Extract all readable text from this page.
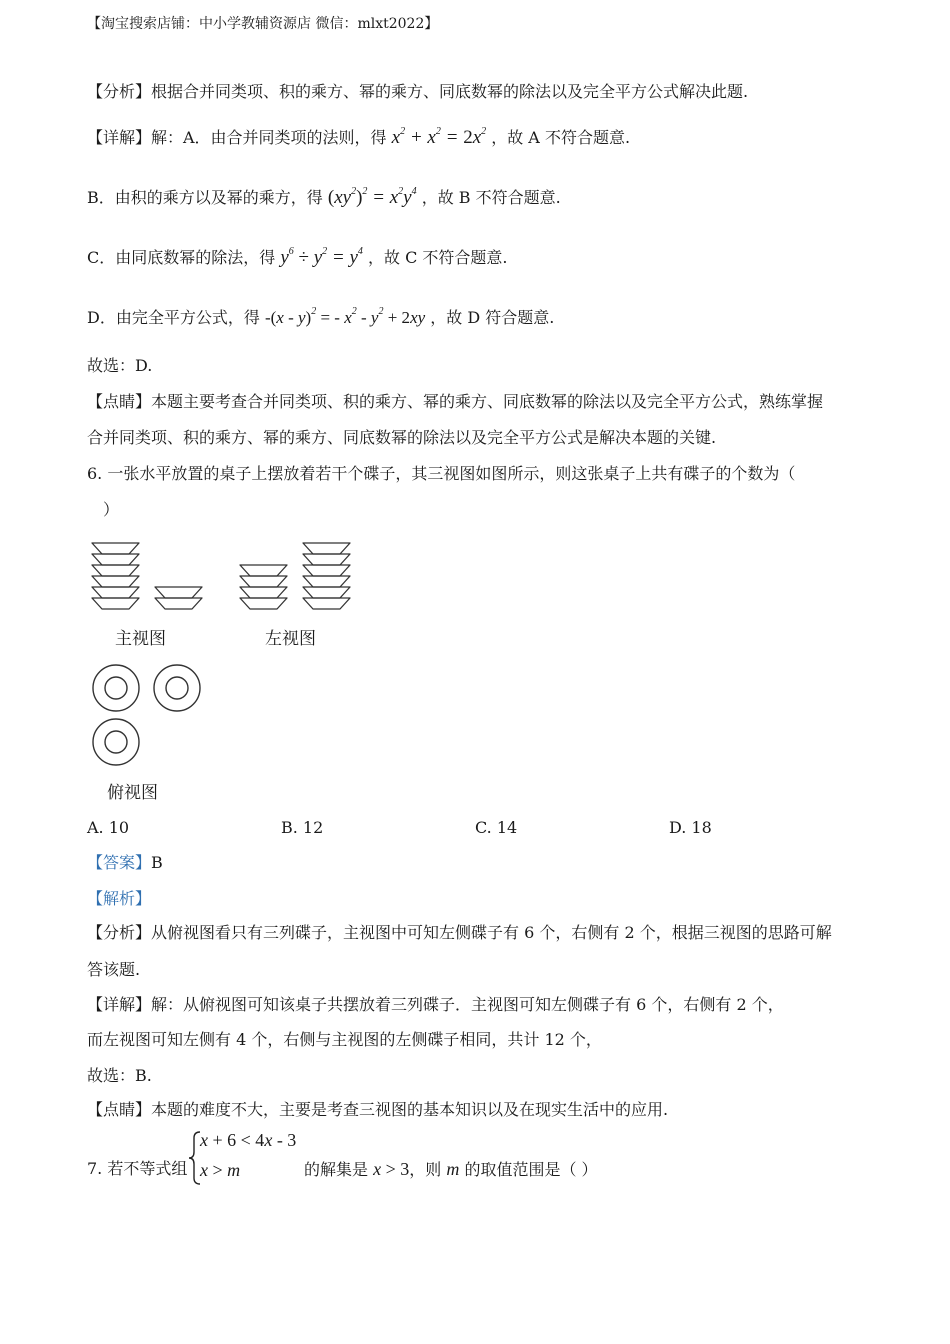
【淘宝搜索店铺：中小学教辅资源店 微信：mlxt2022】
【分析】根据合并同类项、积的乘方、幂的乘方、同底数幂的除法以及完全平方公式解决此题.
【详解】解：A．由合并同类项的法则，得 $x^2 + x^2 = 2x^2$ ，故 A 不符合题意.
B．由积的乘方以及幂的乘方，得 $(xy^2)^2 = x^2y^4$ ，故 B 不符合题意.
C．由同底数幂的除法，得 $y^6 \div y^2 = y^4$ ，故 C 不符合题意.
D．由完全平方公式，得 -(x - y)$^2$ = - $x^2 - y^2 + 2xy$ ，故 D 符合题意.
故选：D.
【点睛】本题主要考查合并同类项、积的乘方、幂的乘方、同底数幂的除法以及完全平方公式，熟练掌握
合并同类项、积的乘方、幂的乘方、同底数幂的除法以及完全平方公式是解决本题的关键.
6. 一张水平放置的桌子上摆放着若干个碟子，其三视图如图所示，则这张桌子上共有碟子的个数为（
）
主视图	左视图
俯视图
A. 10	B. 12	C. 14	D. 18
【答案】B
【解析】
【分析】从俯视图看只有三列碟子，主视图中可知左侧碟子有 6 个，右侧有 2 个，根据三视图的思路可解
答该题.
【详解】解：从俯视图可知该桌子共摆放着三列碟子．主视图可知左侧碟子有 6 个，右侧有 2 个，
而左视图可知左侧有 4 个，右侧与主视图的左侧碟子相同，共计 12 个，
故选：B.
【点睛】本题的难度不大，主要是考查三视图的基本知识以及在现实生活中的应用.
7. 若不等式组
x + 6 < 4x - 3
x > m	的解集是 x > 3，则 m 的取值范围是（ ）
